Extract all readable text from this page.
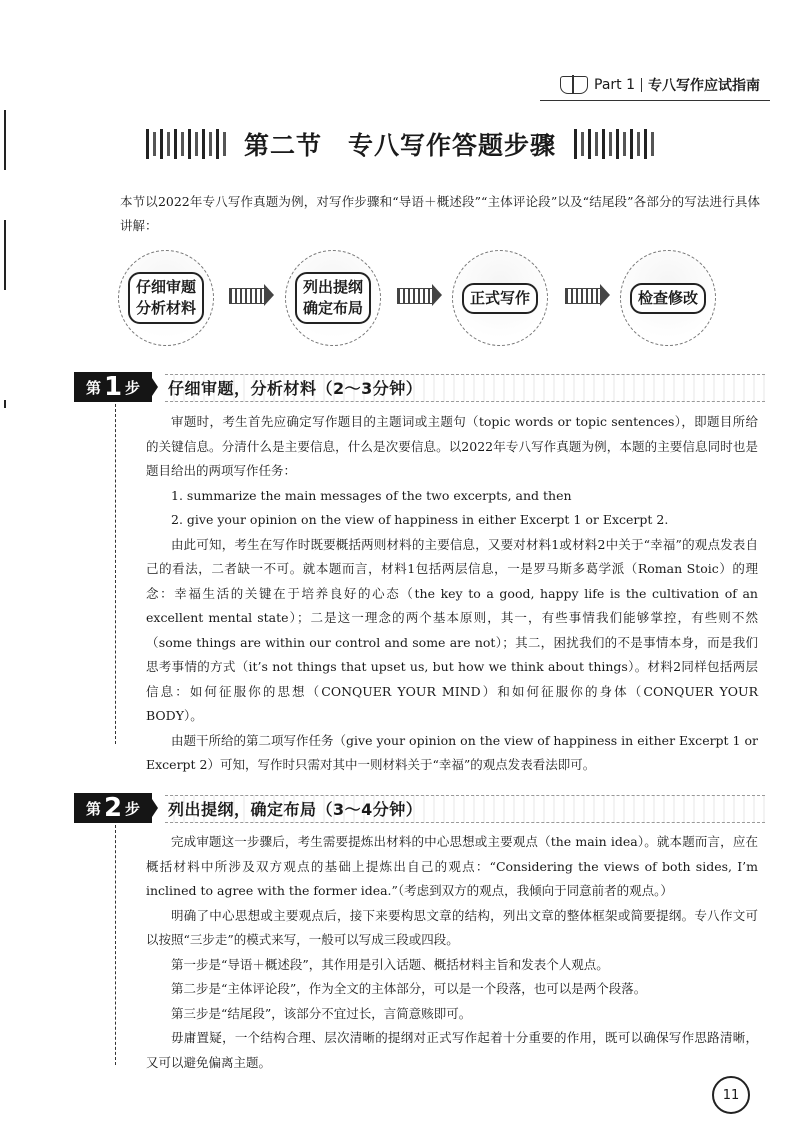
Part 1 专八写作应试指南
第二节　专八写作答题步骤
本节以2022年专八写作真题为例，对写作步骤和“导语＋概述段”“主体评论段”以及“结尾段”各部分的写法进行具体讲解：
仔细审题
分析材料
列出提纲
确定布局
正式写作	检查修改
第 1 步 仔细审题，分析材料（2～3分钟）

审题时，考生首先应确定写作题目的主题词或主题句（topic words or topic sentences），即题目所给的关键信息。分清什么是主要信息，什么是次要信息。以2022年专八写作真题为例，本题的主要信息同时也是题目给出的两项写作任务：

1. summarize the main messages of the two excerpts, and then

2. give your opinion on the view of happiness in either Excerpt 1 or Excerpt 2.

由此可知，考生在写作时既要概括两则材料的主要信息，又要对材料1或材料2中关于“幸福”的观点发表自己的看法，二者缺一不可。就本题而言，材料1包括两层信息，一是罗马斯多葛学派（Roman Stoic）的理念：幸福生活的关键在于培养良好的心态（the key to a good, happy life is the cultivation of an excellent mental state）；二是这一理念的两个基本原则，其一，有些事情我们能够掌控，有些则不然（some things are within our control and some are not）；其二，困扰我们的不是事情本身，而是我们思考事情的方式（it’s not things that upset us, but how we think about things）。材料2同样包括两层信息：如何征服你的思想（CONQUER YOUR MIND）和如何征服你的身体（CONQUER YOUR BODY）。

由题干所给的第二项写作任务（give your opinion on the view of happiness in either Excerpt 1 or Excerpt 2）可知，写作时只需对其中一则材料关于“幸福”的观点发表看法即可。

第 2 步 列出提纲，确定布局（3～4分钟）

完成审题这一步骤后，考生需要提炼出材料的中心思想或主要观点（the main idea）。就本题而言，应在概括材料中所涉及双方观点的基础上提炼出自己的观点：“Considering the views of both sides, I’m inclined to agree with the former idea.”（考虑到双方的观点，我倾向于同意前者的观点。）

明确了中心思想或主要观点后，接下来要构思文章的结构，列出文章的整体框架或简要提纲。专八作文可以按照“三步走”的模式来写，一般可以写成三段或四段。

第一步是“导语＋概述段”，其作用是引入话题、概括材料主旨和发表个人观点。

第二步是“主体评论段”，作为全文的主体部分，可以是一个段落，也可以是两个段落。

第三步是“结尾段”，该部分不宜过长，言简意赅即可。

毋庸置疑，一个结构合理、层次清晰的提纲对正式写作起着十分重要的作用，既可以确保写作思路清晰，又可以避免偏离主题。

11
